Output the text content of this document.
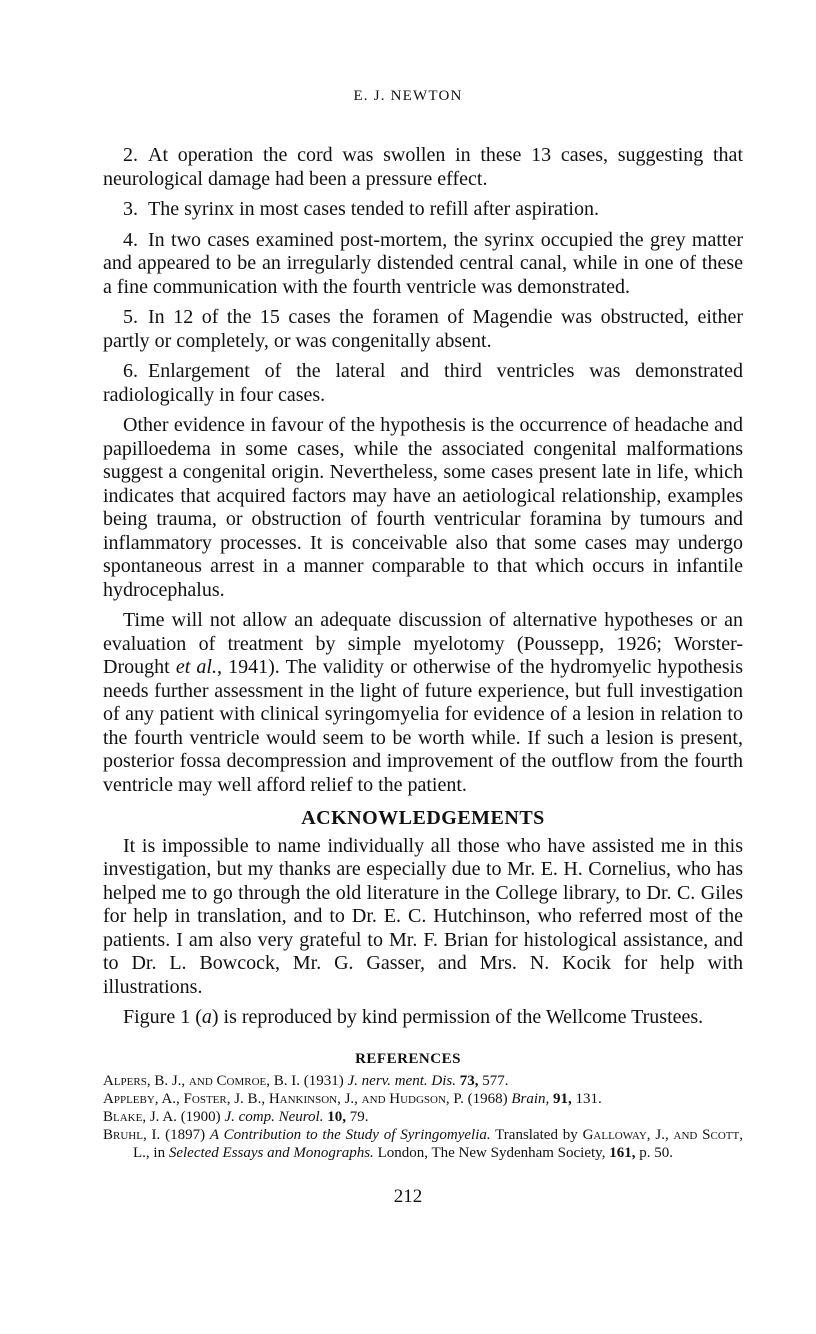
E. J. NEWTON

2. At operation the cord was swollen in these 13 cases, suggesting that neurological damage had been a pressure effect.

3. The syrinx in most cases tended to refill after aspiration.

4. In two cases examined post-mortem, the syrinx occupied the grey matter and appeared to be an irregularly distended central canal, while in one of these a fine communication with the fourth ventricle was demonstrated.

5. In 12 of the 15 cases the foramen of Magendie was obstructed, either partly or completely, or was congenitally absent.

6. Enlargement of the lateral and third ventricles was demonstrated radiologically in four cases.

Other evidence in favour of the hypothesis is the occurrence of headache and papilloedema in some cases, while the associated congenital malformations suggest a congenital origin. Nevertheless, some cases present late in life, which indicates that acquired factors may have an aetiological relationship, examples being trauma, or obstruction of fourth ventricular foramina by tumours and inflammatory processes. It is conceivable also that some cases may undergo spontaneous arrest in a manner comparable to that which occurs in infantile hydrocephalus.

Time will not allow an adequate discussion of alternative hypotheses or an evaluation of treatment by simple myelotomy (Poussepp, 1926; Worster-Drought et al., 1941). The validity or otherwise of the hydromyelic hypothesis needs further assessment in the light of future experience, but full investigation of any patient with clinical syringomyelia for evidence of a lesion in relation to the fourth ventricle would seem to be worth while. If such a lesion is present, posterior fossa decompression and improvement of the outflow from the fourth ventricle may well afford relief to the patient.

ACKNOWLEDGEMENTS

It is impossible to name individually all those who have assisted me in this investigation, but my thanks are especially due to Mr. E. H. Cornelius, who has helped me to go through the old literature in the College library, to Dr. C. Giles for help in translation, and to Dr. E. C. Hutchinson, who referred most of the patients. I am also very grateful to Mr. F. Brian for histological assistance, and to Dr. L. Bowcock, Mr. G. Gasser, and Mrs. N. Kocik for help with illustrations.

Figure 1 (a) is reproduced by kind permission of the Wellcome Trustees.

REFERENCES

Alpers, B. J., and Comroe, B. I. (1931) J. nerv. ment. Dis. 73, 577.

Appleby, A., Foster, J. B., Hankinson, J., and Hudgson, P. (1968) Brain, 91, 131.

Blake, J. A. (1900) J. comp. Neurol. 10, 79.

Bruhl, I. (1897) A Contribution to the Study of Syringomyelia. Translated by Galloway, J., and Scott, L., in Selected Essays and Monographs. London, The New Sydenham Society, 161, p. 50.

212
